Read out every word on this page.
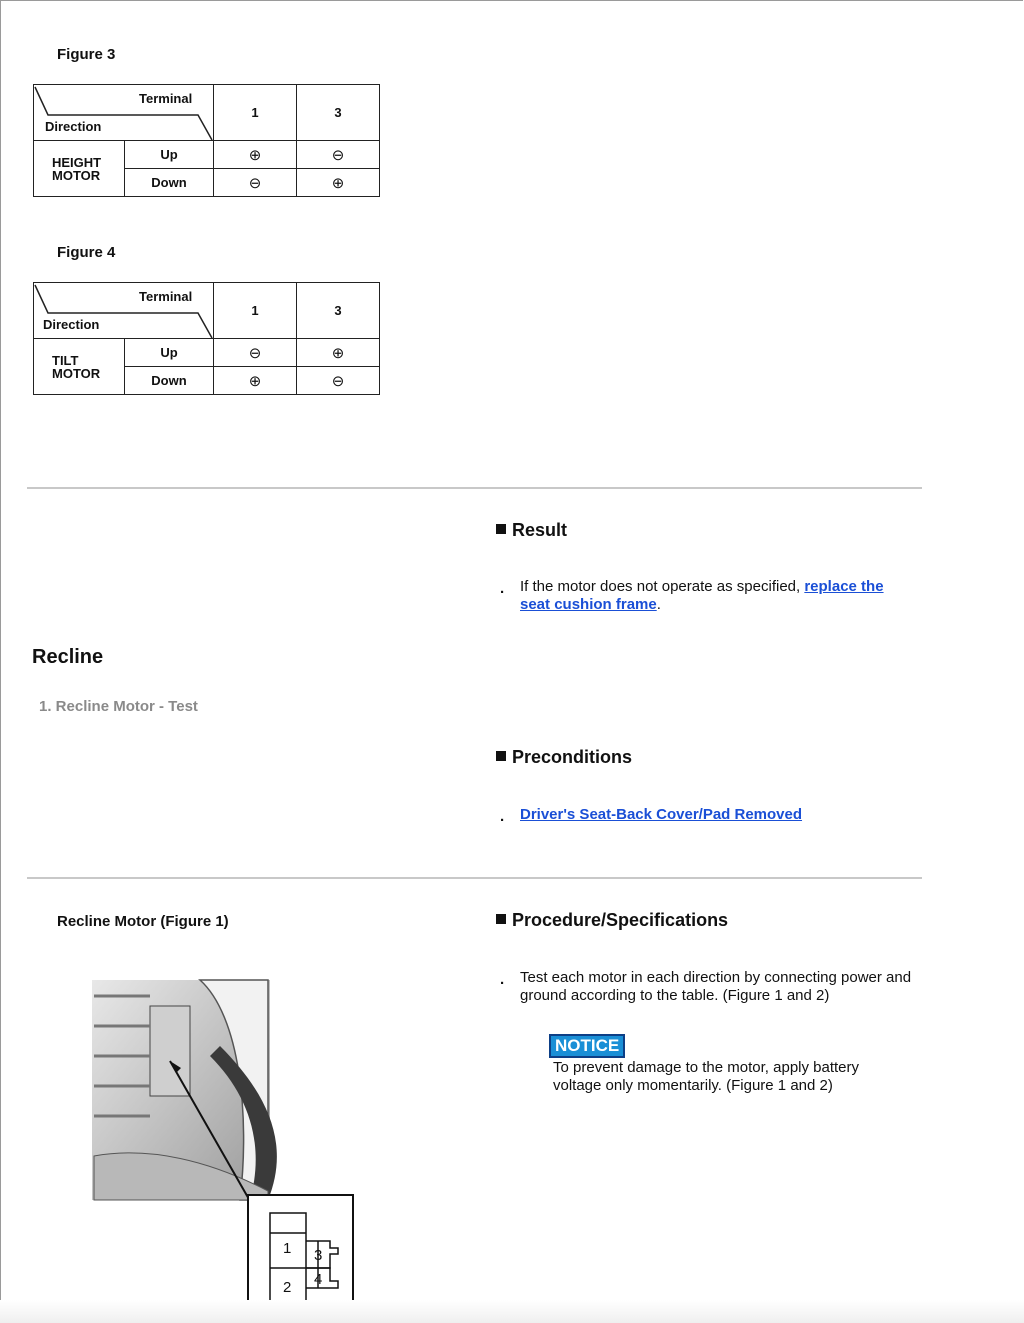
Figure 3
Terminal
Direction		1	3
HEIGHT
MOTOR	Up	⊕	⊖
	Down	⊖	⊕
Figure 4
Terminal
Direction		1	3
TILT
MOTOR	Up	⊖	⊕
	Down	⊕	⊖
Result
. If the motor does not operate as specified, replace the seat cushion frame.
Recline
1. Recline Motor - Test
Preconditions
. Driver's Seat-Back Cover/Pad Removed
Recline Motor (Figure 1)	Procedure/Specifications
. Test each motor in each direction by connecting power and ground according to the table. (Figure 1 and 2)
NOTICE
To prevent damage to the motor, apply battery voltage only momentarily. (Figure 1 and 2)
1
2
3
4
